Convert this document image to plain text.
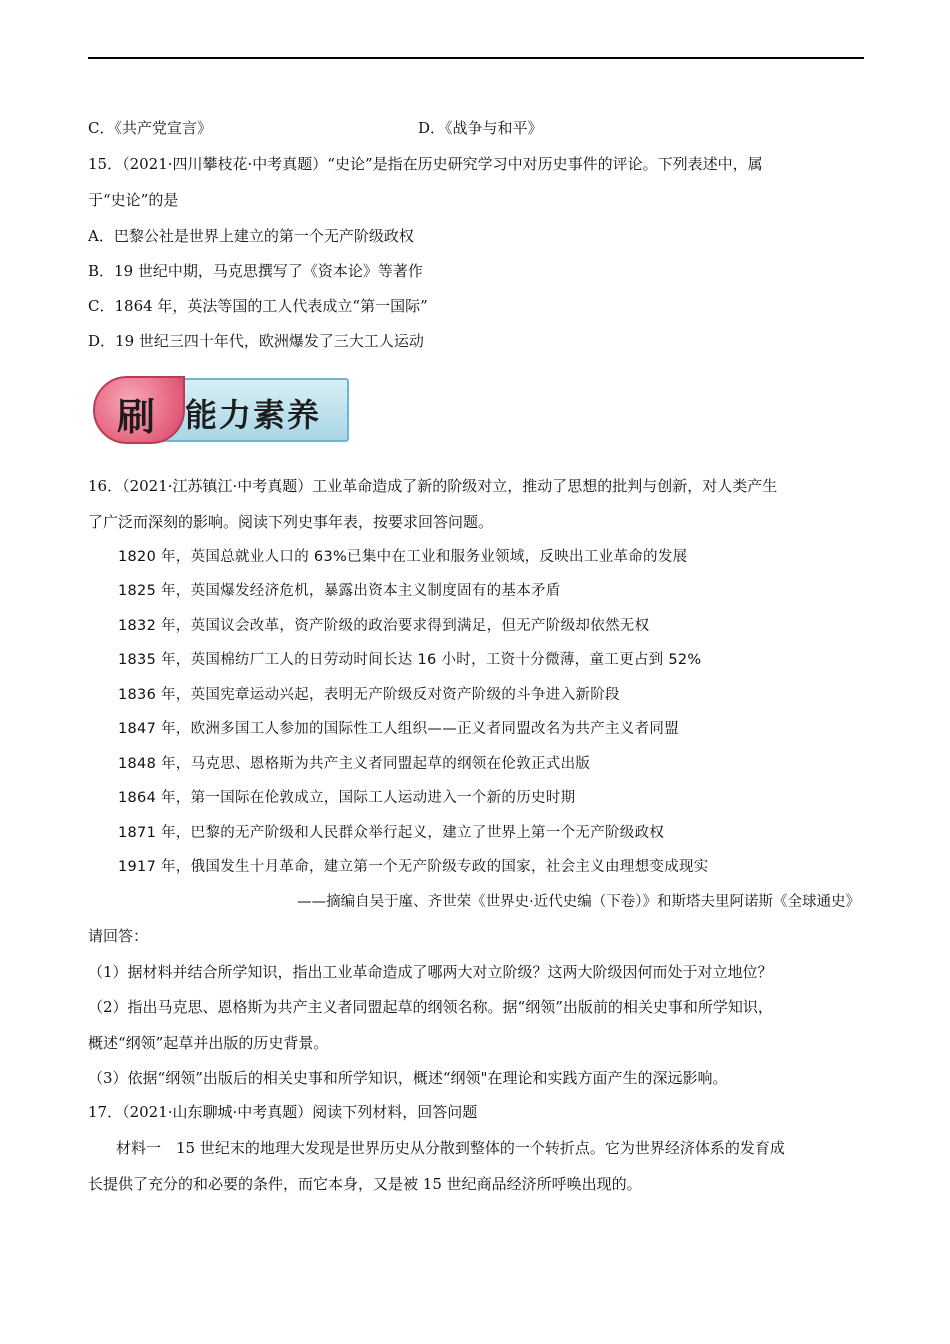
C．《共产党宣言》	D．《战争与和平》
15．（2021·四川攀枝花·中考真题）“史论”是指在历史研究学习中对历史事件的评论。下列表述中，属
于“史论”的是
A．巴黎公社是世界上建立的第一个无产阶级政权
B．19 世纪中期，马克思撰写了《资本论》等著作
C．1864 年，英法等国的工人代表成立“第一国际”
D．19 世纪三四十年代，欧洲爆发了三大工人运动
刷 能力素养
16．（2021·江苏镇江·中考真题）工业革命造成了新的阶级对立，推动了思想的批判与创新，对人类产生
了广泛而深刻的影响。阅读下列史事年表，按要求回答问题。
1820 年，英国总就业人口的 63%已集中在工业和服务业领域，反映出工业革命的发展
1825 年，英国爆发经济危机，暴露出资本主义制度固有的基本矛盾
1832 年，英国议会改革，资产阶级的政治要求得到满足，但无产阶级却依然无权
1835 年，英国棉纺厂工人的日劳动时间长达 16 小时，工资十分微薄，童工更占到 52%
1836 年，英国宪章运动兴起，表明无产阶级反对资产阶级的斗争进入新阶段
1847 年，欧洲多国工人参加的国际性工人组织——正义者同盟改名为共产主义者同盟
1848 年，马克思、恩格斯为共产主义者同盟起草的纲领在伦敦正式出版
1864 年，第一国际在伦敦成立，国际工人运动进入一个新的历史时期
1871 年，巴黎的无产阶级和人民群众举行起义，建立了世界上第一个无产阶级政权
1917 年，俄国发生十月革命，建立第一个无产阶级专政的国家，社会主义由理想变成现实
——摘编自吴于廑、齐世荣《世界史·近代史编（下卷）》和斯塔夫里阿诺斯《全球通史》
请回答：
（1）据材料并结合所学知识，指出工业革命造成了哪两大对立阶级？这两大阶级因何而处于对立地位？
（2）指出马克思、恩格斯为共产主义者同盟起草的纲领名称。据“纲领”出版前的相关史事和所学知识，
概述“纲领”起草并出版的历史背景。
（3）依据“纲领”出版后的相关史事和所学知识，概述“纲领"在理论和实践方面产生的深远影响。
17．（2021·山东聊城·中考真题）阅读下列材料，回答问题
材料一　15 世纪末的地理大发现是世界历史从分散到整体的一个转折点。它为世界经济体系的发育成
长提供了充分的和必要的条件，而它本身，又是被 15 世纪商品经济所呼唤出现的。
